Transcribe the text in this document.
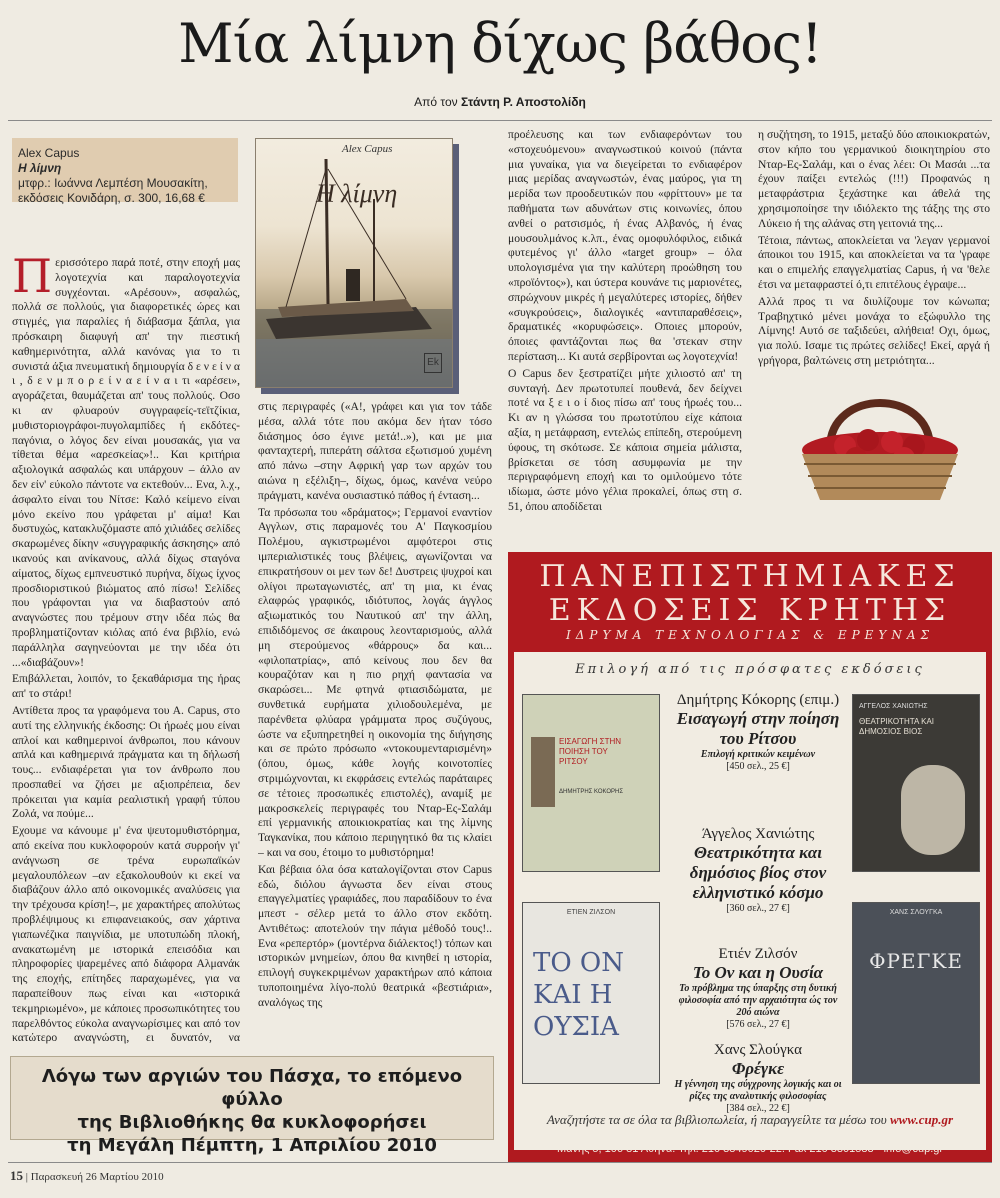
Μία λίμνη δίχως βάθος!
Από τον Στάντη Ρ. Αποστολίδη
Alex Capus
Η λίμνη
μτφρ.: Ιωάννα Λεμπέση Μουσακίτη, εκδόσεις Κονιδάρη, σ. 300, 16,68 €
Alex Capus
Η λίμνη
Ek

Περισσότερο παρά ποτέ, στην εποχή μας λογοτεχνία και παραλογοτεχνία συγχέονται. «Αρέσουν», ασφαλώς, πολλά σε πολλούς, για διαφορετικές ώρες και στιγμές, για παραλίες ή διάβασμα ξάπλα, για πρόσκαιρη διαφυγή απ' την πιεστική καθημερινότητα, αλλά κανόνας για το τι συνιστά άξια πνευματική δημιουργία δ ε ν ε ί ν α ι , δ ε ν μ π ο ρ ε ί ν α ε ί ν α ι τι «αρέσει», αγοράζεται, θαυμάζεται απ' τους πολλούς. Οσο κι αν φλυαρούν συγγραφείς-τεϊτζίκια, μυθιστοριογράφοι-πυγολαμπίδες ή εκδότες-παγόνια, ο λόγος δεν είναι μουσακάς, για να τίθεται θέμα «αρεσκείας»!.. Και κριτήρια αξιολογικά ασφαλώς και υπάρχουν – άλλο αν δεν είν' εύκολο πάντοτε να εκτεθούν... Ενα, λ.χ., άσφαλτο είναι του Νίτσε: Καλό κείμενο είναι μόνο εκείνο που γράφεται μ' αίμα! Και δυστυχώς, κατακλυζόμαστε από χιλιάδες σελίδες σκαρωμένες δίκην «συγγραφικής άσκησης» από ικανούς και ανίκανους, αλλά δίχως σταγόνα αίματος, δίχως εμπνευστικό πυρήνα, δίχως ίχνος προσδιοριστικού βιώματος από πίσω! Σελίδες που γράφονται για να διαβαστούν από αναγνώστες που τρέμουν στην ιδέα πώς θα προβληματίζονταν κιόλας από ένα βιβλίο, ενώ παράλληλα σαγηνεύονται με την ιδέα ότι ...«διαβάζουν»!

Επιβάλλεται, λοιπόν, το ξεκαθάρισμα της ήρας απ' το στάρι!

Αντίθετα προς τα γραφόμενα του Α. Capus, στο αυτί της ελληνικής έκδοσης: Οι ήρωές μου είναι απλοί και καθημερινοί άνθρωποι, που κάνουν απλά και καθημερινά πράγματα και τη δήλωσή τους... ενδιαφέρεται για τον άνθρωπο που προσπαθεί να ζήσει με αξιοπρέπεια, δεν πρόκειται για καμία ρεαλιστική γραφή τύπου Ζολά, να πούμε...

Εχουμε να κάνουμε μ' ένα ψευτομυθιστόρημα, από εκείνα που κυκλοφορούν κατά συρροήν γι' ανάγνωση σε τρένα ευρωπαϊκών μεγαλουπόλεων –αν εξακολουθούν κι εκεί να διαβάζουν άλλο από οικονομικές αναλύσεις για την τρέχουσα κρίση!–, με χαρακτήρες απολύτως προβλέψιμους κι επιφανειακούς, σαν χάρτινα γιαπωνέζικα παιγνίδια, με υποτυπώδη πλοκή, ανακατωμένη με ιστορικά επεισόδια και πληροφορίες ψαρεμένες από διάφορα Αλμανάκ της εποχής, επίτηδες παραχωμένες, για να παραπείθουν πως είναι και «ιστορικά τεκμηριωμένο», με κάποιες προσωπικότητες του παρελθόντος εύκολα αναγνωρίσιμες και από τον κατώτερο αναγνώστη, ει δυνατόν, να

στις περιγραφές («Α!, γράφει και για τον τάδε μέσα, αλλά τότε που ακόμα δεν ήταν τόσο διάσημος όσο έγινε μετά!..»), και με μια φανταχτερή, πιπεράτη σάλτσα εξωτισμού χυμένη από πάνω –στην Αφρική γαρ των αρχών του αιώνα η εξέλιξη–, δίχως, όμως, κανένα νεύρο πράγματι, κανένα ουσιαστικό πάθος ή ένταση...

Τα πρόσωπα του «δράματος»; Γερμανοί εναντίον Αγγλων, στις παραμονές του Α' Παγκοσμίου Πολέμου, αγκιστρωμένοι αμφότεροι στις ιμπεριαλιστικές τους βλέψεις, αγωνίζονται να επικρατήσουν οι μεν των δε! Δυστρεις ψυχροί και ολίγοι πρωταγωνιστές, απ' τη μια, κι ένας ελαφρώς γραφικός, ιδιότυπος, λογάς άγγλος αξιωματικός του Ναυτικού απ' την άλλη, επιδιδόμενος σε άκαιρους λεονταρισμούς, αλλά μη στερούμενος «θάρρους» δα και... «φιλοπατρίας», από κείνους που δεν θα κουραζόταν και η πιο ρηχή φαντασία να σκαρώσει... Με φτηνά φτιασιδώματα, με συνθετικά ευρήματα χιλιοδουλεμένα, με παρένθετα φλύαρα γράμματα προς συζύγους, ώστε να εξυπηρετηθεί η οικονομία της διήγησης και σε πρώτο πρόσωπο «ντοκουμενταρισμένη» (όπου, όμως, κάθε λογής κοινοτοπίες στριμώχνονται, κι εκφράσεις εντελώς παράταιρες σε τέτοιες προσωπικές επιστολές), αναμίξ με μακροσκελείς περιγραφές του Νταρ-Ες-Σαλάμ επί γερμανικής αποικιοκρατίας και της λίμνης Ταγκανίκα, που κάποιο περιηγητικό θα τις κλαίει – και να σου, έτοιμο το μυθιστόρημα!

Και βέβαια όλα όσα καταλογίζονται στον Capus εδώ, διόλου άγνωστα δεν είναι στους επαγγελματίες γραφιάδες, που παραδίδουν το ένα μπεστ - σέλερ μετά το άλλο στον εκδότη. Αντιθέτως: αποτελούν την πάγια μέθοδό τους!.. Ενα «ρεπερτόρ» (μοντέρνα διάλεκτος!) τόπων και ιστορικών μνημείων, όπου θα κινηθεί η ιστορία, επιλογή συγκεκριμένων χαρακτήρων από κάποια τυποποιημένα λίγο-πολύ θεατρικά «βεστιάρια», αναλόγως της

προέλευσης και των ενδιαφερόντων του «στοχευόμενου» αναγνωστικού κοινού (πάντα μια γυναίκα, για να διεγείρεται το ενδιαφέρον μιας μερίδας αναγνωστών, ένας μαύρος, για τη μερίδα των προοδευτικών που «φρίττουν» με τα παθήματα των αδυνάτων στις κοινωνίες, όπου ανθεί ο ρατσισμός, ή ένας Αλβανός, ή ένας μουσουλμάνος κ.λπ., ένας ομοφυλόφιλος, ειδικά φυτεμένος γι' άλλο «target group» – όλα υπολογισμένα για την καλύτερη προώθηση του «προϊόντος»), και ύστερα κουνάνε τις μαριονέτες, σπρώχνουν μικρές ή μεγαλύτερες ιστορίες, δήθεν «συγκρούσεις», διαλογικές «αντιπαραθέσεις», δραματικές «κορυφώσεις». Οποιες μπορούν, όποιες φαντάζονται πως θα 'στεκαν στην περίσταση... Κι αυτά σερβίρονται ως λογοτεχνία!

Ο Capus δεν ξεστρατίζει μήτε χιλιοστό απ' τη συνταγή. Δεν πρωτοτυπεί πουθενά, δεν δείχνει ποτέ να ξ ε ι ο ί διος πίσω απ' τους ήρωές του... Κι αν η γλώσσα του πρωτοτύπου είχε κάποια αξία, η μετάφραση, εντελώς επίπεδη, στερούμενη ύφους, τη σκότωσε. Σε κάποια σημεία μάλιστα, βρίσκεται σε τόση ασυμφωνία με την περιγραφόμενη εποχή και το ομιλούμενο τότε ιδίωμα, ώστε μόνο γέλια προκαλεί, όπως στη σ. 51, όπου αποδίδεται

η συζήτηση, το 1915, μεταξύ δύο αποικιοκρατών, στον κήπο του γερμανικού διοικητηρίου στο Νταρ-Ες-Σαλάμ, και ο ένας λέει: Οι Μασάι ...τα έχουν παίξει εντελώς (!!!) Προφανώς η μεταφράστρια ξεχάστηκε και άθελά της χρησιμοποίησε την ιδιόλεκτο της τάξης της στο Λύκειο ή της αλάνας στη γειτονιά της...

Τέτοια, πάντως, αποκλείεται να 'λεγαν γερμανοί άποικοι του 1915, και αποκλείεται να τα 'γραφε και ο επιμελής επαγγελματίας Capus, ή να 'θελε έτσι να μεταφραστεί ό,τι επιτέλους έγραψε...

Αλλά προς τι να διυλίζουμε τον κώνωπα; Τραβηχτικό μένει μονάχα το εξώφυλλο της Λίμνης! Αυτό σε ταξιδεύει, αλήθεια! Οχι, όμως, για πολύ. Ισαμε τις πρώτες σελίδες! Εκεί, αργά ή γρήγορα, βαλτώνεις στη μετριότητα...

ΠΑΝΕΠΙΣΤΗΜΙΑΚΕΣ
ΕΚΔΟΣΕΙΣ ΚΡΗΤΗΣ
ΙΔΡΥΜΑ ΤΕΧΝΟΛΟΓΙΑΣ & ΕΡΕΥΝΑΣ
Επιλογή από τις πρόσφατες εκδόσεις
ΕΙΣΑΓΩΓΗ ΣΤΗΝ ΠΟΙΗΣΗ ΤΟΥ ΡΙΤΣΟΥ
ΔΗΜΗΤΡΗΣ ΚΟΚΟΡΗΣ
Δημήτρης Κόκορης (επιμ.)
Εισαγωγή στην ποίηση του Ρίτσου
Επιλογή κριτικών κειμένων
[450 σελ., 25 €]
ΑΓΓΕΛΟΣ ΧΑΝΙΩΤΗΣ
ΘΕΑΤΡΙΚΟΤΗΤΑ ΚΑΙ ΔΗΜΟΣΙΟΣ ΒΙΟΣ
Άγγελος Χανιώτης
Θεατρικότητα και δημόσιος βίος στον ελληνιστικό κόσμο
[360 σελ., 27 €]
ΕΤΙΕΝ ΖΙΛΣΟΝ
ΤΟ ΟΝ ΚΑΙ Η ΟΥΣΙΑ
Ετιέν Ζιλσόν
Το Ον και η Ουσία
Το πρόβλημα της ύπαρξης στη δυτική φιλοσοφία από την αρχαιότητα ώς τον 20ό αιώνα
[576 σελ., 27 €]
ΧΑΝΣ ΣΛΟΥΓΚΑ
ΦΡΕΓΚΕ
Χανς Σλούγκα
Φρέγκε
Η γέννηση της σύγχρονης λογικής και οι ρίζες της αναλυτικής φιλοσοφίας
[384 σελ., 22 €]
Αναζητήστε τα σε όλα τα βιβλιοπωλεία, ή παραγγείλτε τα μέσω του www.cup.gr
Μάνης 5, 106 81 Αθήνα. Τηλ. 210 3849020-22. Fax 210 3301583 • info@cup.gr
Λόγω των αργιών του Πάσχα, το επόμενο φύλλο
της Βιβλιοθήκης θα κυκλοφορήσει
τη Μεγάλη Πέμπτη, 1 Απριλίου 2010
15 | Παρασκευή 26 Μαρτίου 2010
